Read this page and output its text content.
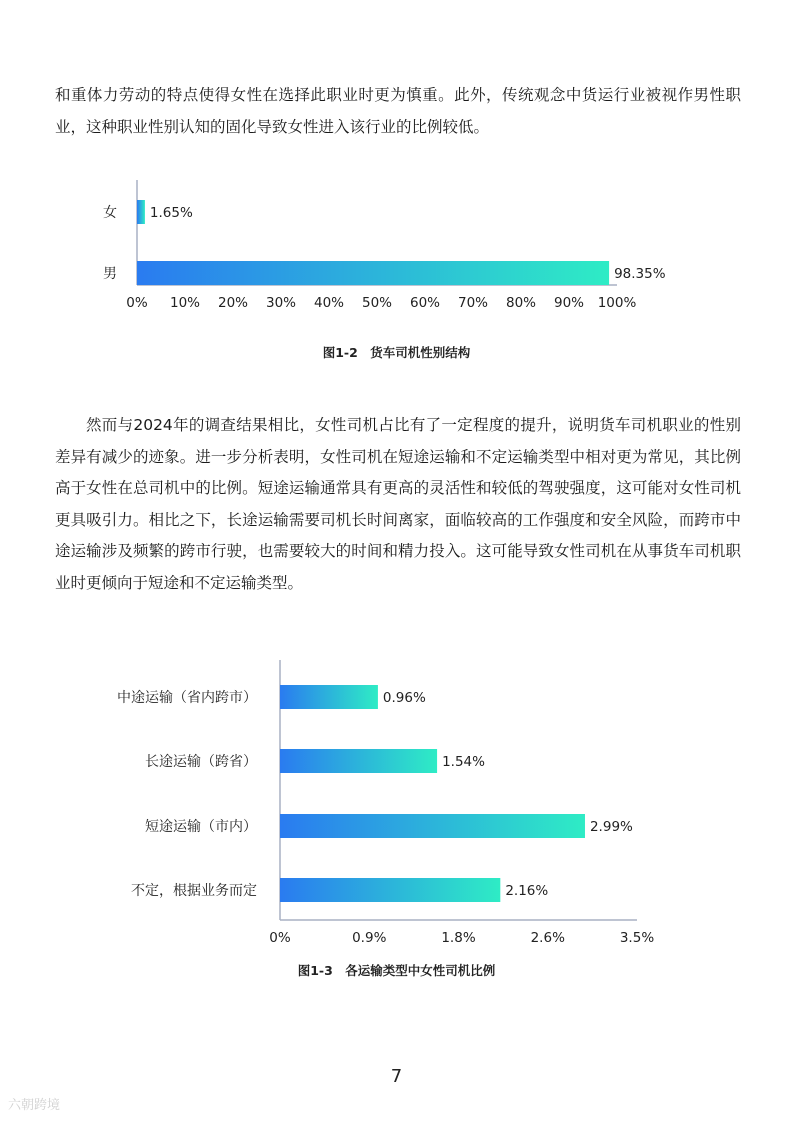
和重体力劳动的特点使得女性在选择此职业时更为慎重。此外，传统观念中货运行业被视作男性职业，这种职业性别认知的固化导致女性进入该行业的比例较低。

女 1.65%
男	98.35%
0% 10% 20% 30% 40% 50% 60% 70% 80% 90% 100%
图1-2　货车司机性别结构

然而与2024年的调查结果相比，女性司机占比有了一定程度的提升，说明货车司机职业的性别差异有减少的迹象。进一步分析表明，女性司机在短途运输和不定运输类型中相对更为常见，其比例高于女性在总司机中的比例。短途运输通常具有更高的灵活性和较低的驾驶强度，这可能对女性司机更具吸引力。相比之下，长途运输需要司机长时间离家，面临较高的工作强度和安全风险，而跨市中途运输涉及频繁的跨市行驶，也需要较大的时间和精力投入。这可能导致女性司机在从事货车司机职业时更倾向于短途和不定运输类型。

中途运输（省内跨市）	0.96%
长途运输（跨省）	1.54%
短途运输（市内）	2.99%
不定，根据业务而定	2.16%
0%	0.9%	1.8%	2.6%	3.5%
图1-3　各运输类型中女性司机比例
7
六朝跨境
